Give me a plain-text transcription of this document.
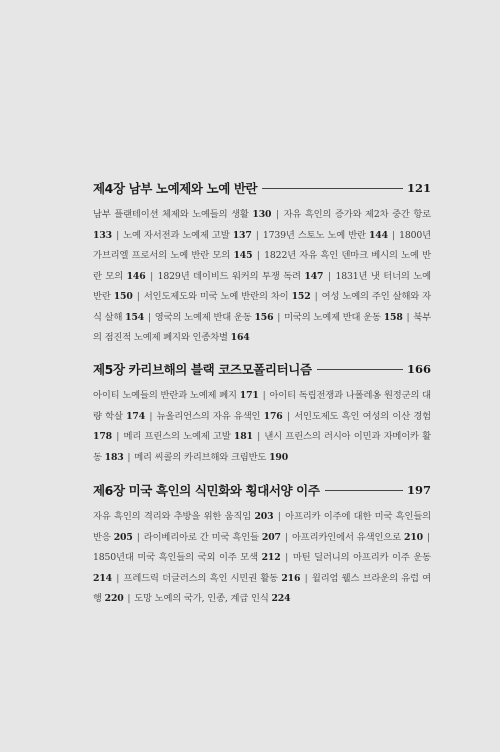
제4장 남부 노예제와 노예 반란	121
남부 플랜테이션 체제와 노예들의 생활 130 | 자유 흑인의 증가와 제2차 중간 항로 133 | 노예 자서전과 노예제 고발 137 | 1739년 스토노 노예 반란 144 | 1800년 가브리엘 프로서의 노예 반란 모의 145 | 1822년 자유 흑인 덴마크 베시의 노예 반란 모의 146 | 1829년 데이비드 워커의 투쟁 독려 147 | 1831년 냇 터너의 노예 반란 150 | 서인도제도와 미국 노예 반란의 차이 152 | 여성 노예의 주인 살해와 자식 살해 154 | 영국의 노예제 반대 운동 156 | 미국의 노예제 반대 운동 158 | 북부의 점진적 노예제 폐지와 인종차별 164
제5장 카리브해의 블랙 코즈모폴리터니즘	166
아이티 노예들의 반란과 노예제 폐지 171 | 아이티 독립전쟁과 나폴레옹 원정군의 대량 학살 174 | 뉴올리언스의 자유 유색인 176 | 서인도제도 흑인 여성의 이산 경험 178 | 메리 프린스의 노예제 고발 181 | 낸시 프린스의 러시아 이민과 자메이카 활동 183 | 메리 씨콜의 카리브해와 크림반도 190
제6장 미국 흑인의 식민화와 횡대서양 이주	197
자유 흑인의 격리와 추방을 위한 움직임 203 | 아프리카 이주에 대한 미국 흑인들의 반응 205 | 라이베리아로 간 미국 흑인들 207 | 아프리카인에서 유색인으로 210 | 1850년대 미국 흑인들의 국외 이주 모색 212 | 마틴 딜러니의 아프리카 이주 운동 214 | 프레드릭 더글러스의 흑인 시민권 활동 216 | 윌리엄 웰스 브라운의 유럽 여행 220 | 도망 노예의 국가, 인종, 계급 인식 224
